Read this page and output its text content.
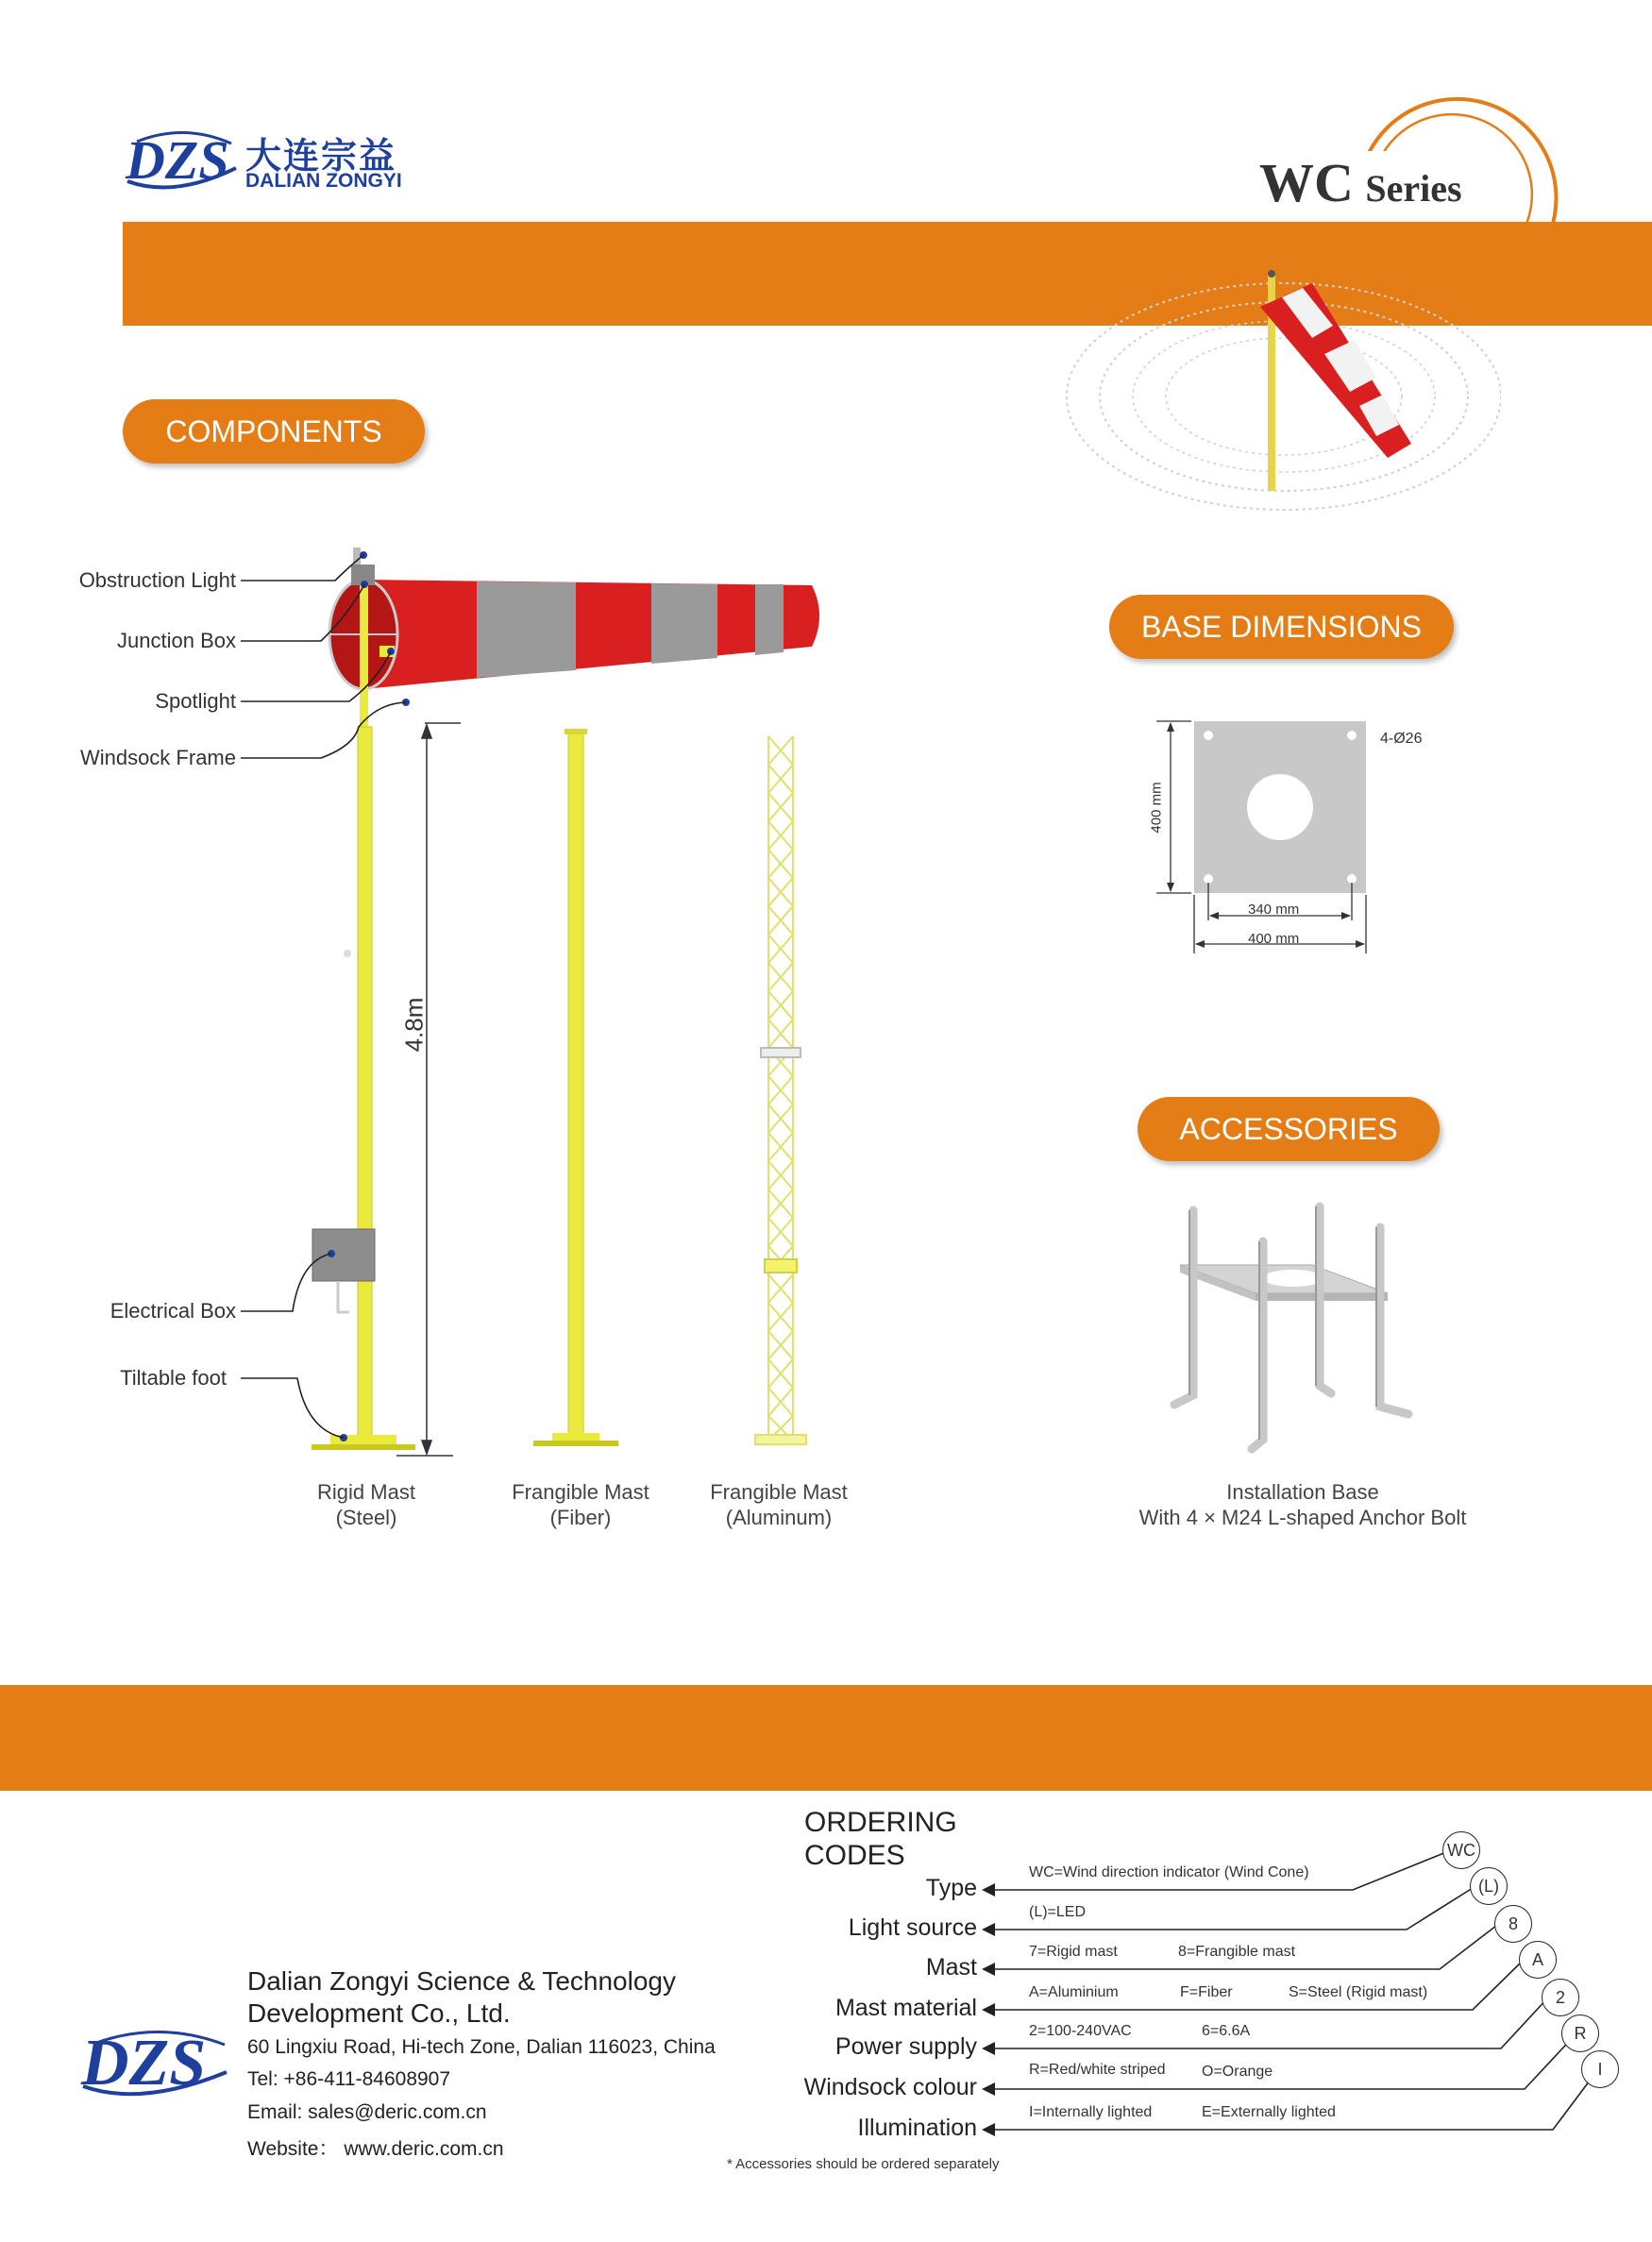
DZS 大连宗益
DALIAN ZONGYI	WC Series
COMPONENTS
Obstruction Light
Junction Box
Spotlight
Windsock Frame
Electrical Box
Tiltable foot
4.8m
Rigid Mast
(Steel)
Frangible Mast
(Fiber)
Frangible Mast
(Aluminum)
BASE DIMENSIONS
4-Ø26
400 mm
340 mm
400 mm
ACCESSORIES
Installation Base
With 4 × M24 L-shaped Anchor Bolt
ORDERING
CODES
Type
WC=Wind direction indicator (Wind Cone)
WC
Light source
(L)=LED
(L)
Mast
7=Rigid mast	8=Frangible mast
8
Mast material
A=Aluminium	F=Fiber	S=Steel (Rigid mast)
A
Power supply
2=100-240VAC	6=6.6A
2
Windsock colour
R=Red/white striped O=Orange
R
Illumination
I=Internally lighted	E=Externally lighted
I
* Accessories should be ordered separately
DZS
Dalian Zongyi Science & Technology
Development Co., Ltd.
60 Lingxiu Road, Hi-tech Zone, Dalian 116023, China
Tel: +86-411-84608907
Email: sales@deric.com.cn
Website： www.deric.com.cn
